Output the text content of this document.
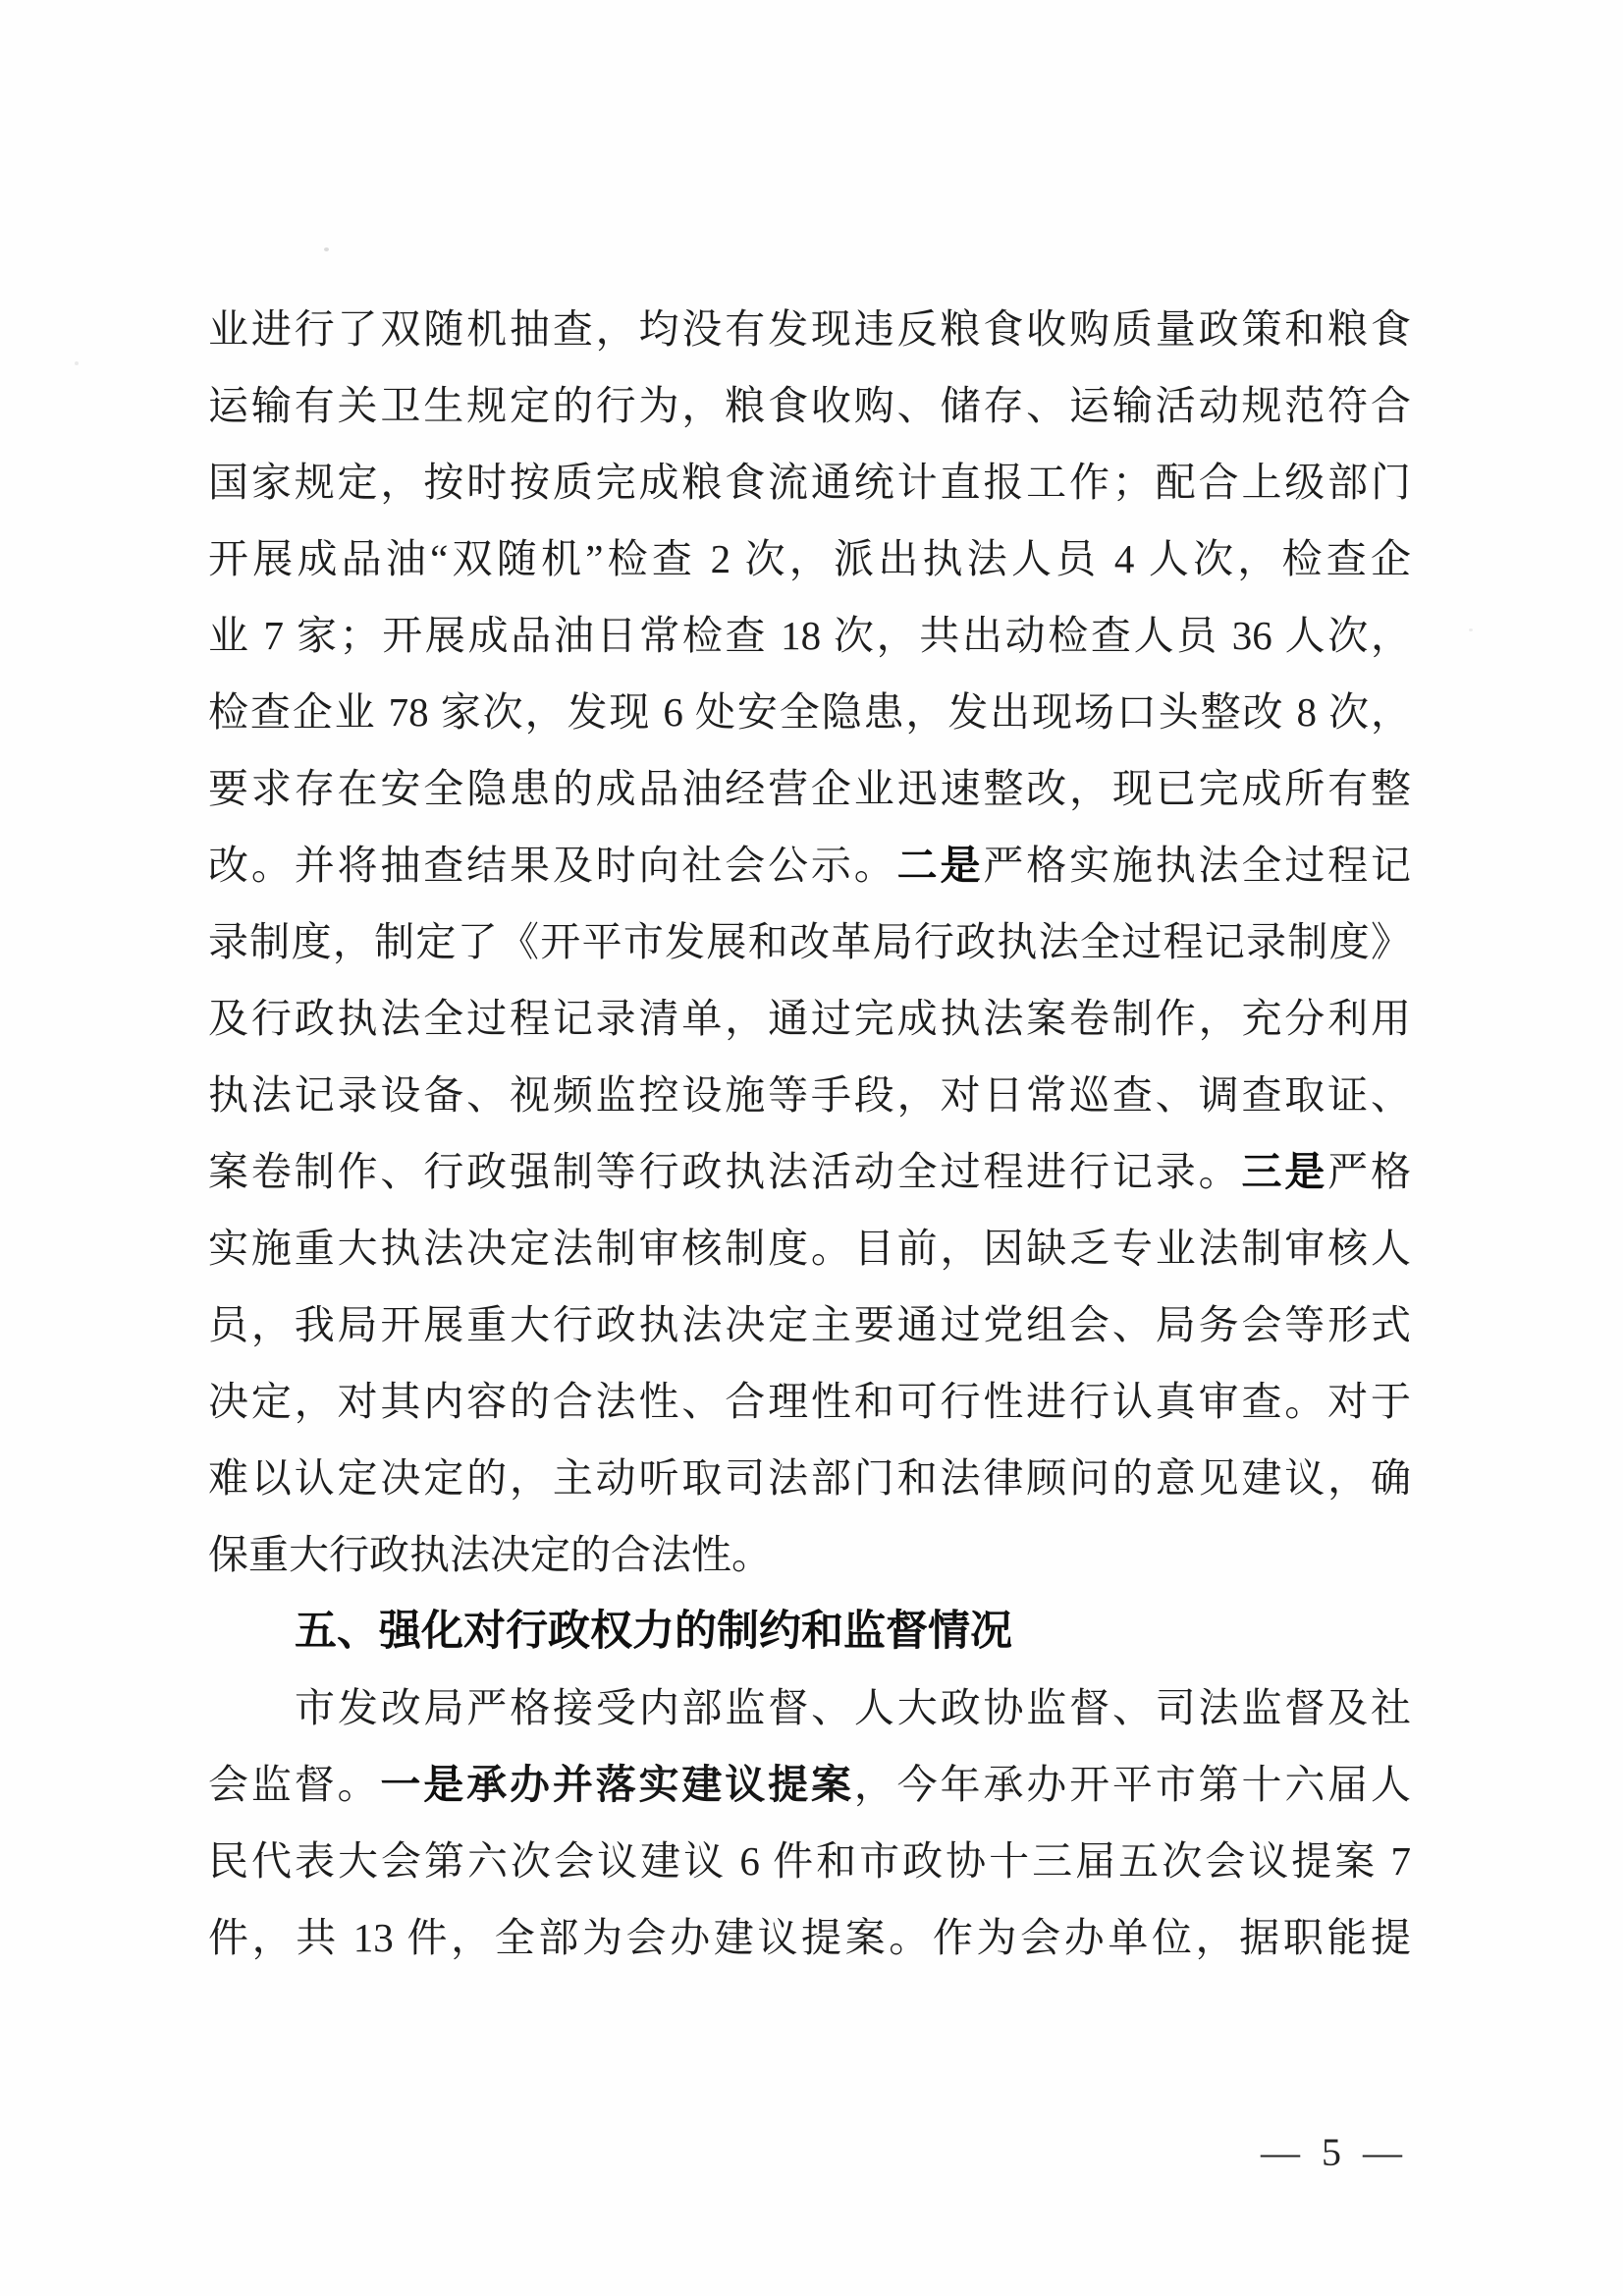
业进行了双随机抽查，均没有发现违反粮食收购质量政策和粮食
运输有关卫生规定的行为，粮食收购、储存、运输活动规范符合
国家规定，按时按质完成粮食流通统计直报工作；配合上级部门
开展成品油“双随机”检查 2 次，派出执法人员 4 人次，检查企
业 7 家；开展成品油日常检查 18 次，共出动检查人员 36 人次，
检查企业 78 家次，发现 6 处安全隐患，发出现场口头整改 8 次，
要求存在安全隐患的成品油经营企业迅速整改，现已完成所有整
改。并将抽查结果及时向社会公示。二是严格实施执法全过程记
录制度，制定了《开平市发展和改革局行政执法全过程记录制度》
及行政执法全过程记录清单，通过完成执法案卷制作，充分利用
执法记录设备、视频监控设施等手段，对日常巡查、调查取证、
案卷制作、行政强制等行政执法活动全过程进行记录。三是严格
实施重大执法决定法制审核制度。目前，因缺乏专业法制审核人
员，我局开展重大行政执法决定主要通过党组会、局务会等形式
决定，对其内容的合法性、合理性和可行性进行认真审查。对于
难以认定决定的，主动听取司法部门和法律顾问的意见建议，确
保重大行政执法决定的合法性。
五、强化对行政权力的制约和监督情况
市发改局严格接受内部监督、人大政协监督、司法监督及社
会监督。一是承办并落实建议提案，今年承办开平市第十六届人
民代表大会第六次会议建议 6 件和市政协十三届五次会议提案 7
件，共 13 件，全部为会办建议提案。作为会办单位，据职能提
— 5 —
